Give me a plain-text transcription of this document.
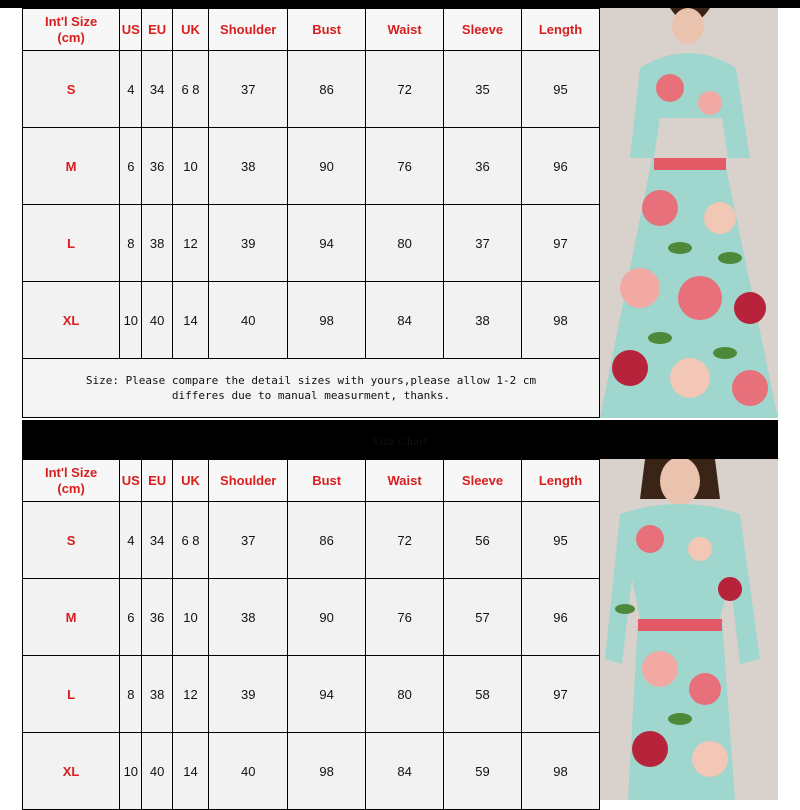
Int'l Size
(cm)	US	EU	UK	Shoulder	Bust	Waist	Sleeve	Length
S	4	34	6 8	37	86	72	35	95
M	6	36	10	38	90	76	36	96
L	8	38	12	39	94	80	37	97
XL	10	40	14	40	98	84	38	98
Size: Please compare the detail sizes with yours,please allow 1-2 cm
differes due to manual measurment, thanks.
Size Chart
Int'l Size
(cm)	US	EU	UK	Shoulder	Bust	Waist	Sleeve	Length
S	4	34	6 8	37	86	72	56	95
M	6	36	10	38	90	76	57	96
L	8	38	12	39	94	80	58	97
XL	10	40	14	40	98	84	59	98
